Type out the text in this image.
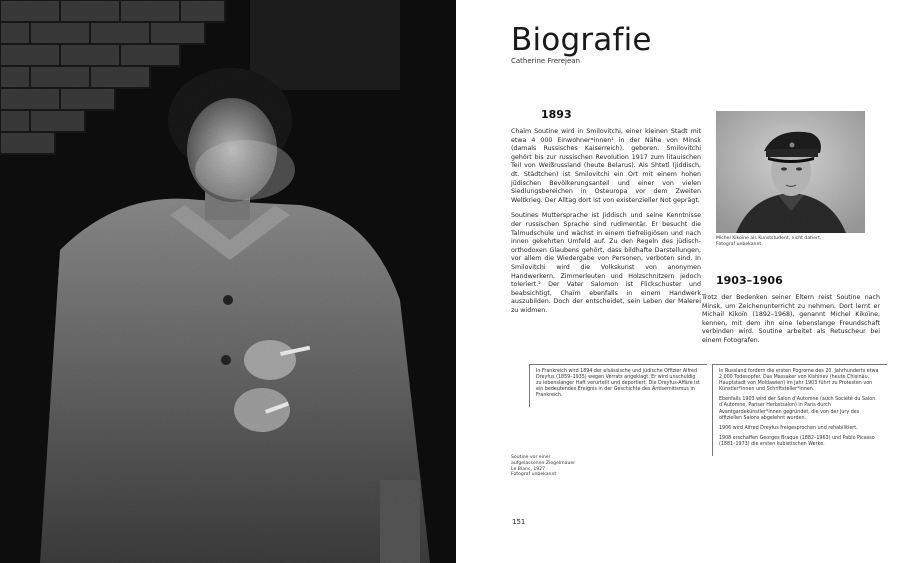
Biografie
Catherine Frerejean
Soutine vor einer
aufgelassenen Ziegelmauer
Le Blanc, 1927
Fotograf unbekannt
1893

Chaïm Soutine wird in Smilovitchi, einer kleinen Stadt mit etwa 4 000 Einwohner*innen¹ in der Nähe von Minsk (damals Russisches Kaiserreich), geboren. Smilovitchi gehört bis zur russischen Revolution 1917 zum litauischen Teil von Weißrussland (heute Belarus). Als Shtetl (jiddisch, dt. Städtchen) ist Smilovitchi ein Ort mit einem hohen jüdischen Bevölkerungsanteil und einer von vielen Siedlungsbereichen in Osteuropa vor dem Zweiten Weltkrieg. Der Alltag dort ist von existenzieller Not geprägt.

Soutines Muttersprache ist Jiddisch und seine Kenntnisse der russischen Sprache sind rudimentär. Er besucht die Talmudschule und wächst in einem tiefreligiösen und nach innen gekehrten Umfeld auf. Zu den Regeln des jüdisch-orthodoxen Glaubens gehört, dass bildhafte Darstellungen, vor allem die Wiedergabe von Personen, verboten sind. In Smilovitchi wird die Volkskunst von anonymen Handwerkern, Zimmerleuten und Holzschnitzern jedoch toleriert.² Der Vater Salomon ist Flickschuster und beabsichtigt, Chaïm ebenfalls in einem Handwerk auszubilden. Doch der entscheidet, sein Leben der Malerei zu widmen.

In Frankreich wird 1894 der elsässische und jüdische Offizier Alfred Dreyfus (1859–1935) wegen Verrats angeklagt. Er wird unschuldig zu lebenslanger Haft verurteilt und deportiert. Die Dreyfus-Affäre ist ein bedeutendes Ereignis in der Geschichte des Antisemitismus in Frankreich.

Michel Kikoïne als Kunststudent, nicht datiert,
Fotograf unbekannt
1903–1906

Trotz der Bedenken seiner Eltern reist Soutine nach Minsk, um Zeichenunterricht zu nehmen. Dort lernt er Michail Kikoïn (1892–1968), genannt Michel Kikoïne, kennen, mit dem ihn eine lebenslange Freundschaft verbinden wird. Soutine arbeitet als Retuscheur bei einem Fotografen.

In Russland fordern die ersten Pogrome des 20. Jahrhunderts etwa 2 000 Todesopfer. Das Massaker von Kishinev (heute Chișinău, Hauptstadt von Moldawien) im Jahr 1903 führt zu Protesten von Künstler*innen und Schriftsteller*innen.

Ebenfalls 1903 wird der Salon d’Automne (auch Société du Salon d’Automne, Pariser Herbstsalon) in Paris durch Avantgardekünstler*innen gegründet, die von der Jury des offiziellen Salons abgelehnt wurden.

1906 wird Alfred Dreyfus freigesprochen und rehabilitiert.

1908 erschaffen Georges Braque (1882–1963) und Pablo Picasso (1881–1973) die ersten kubistischen Werke.

151
